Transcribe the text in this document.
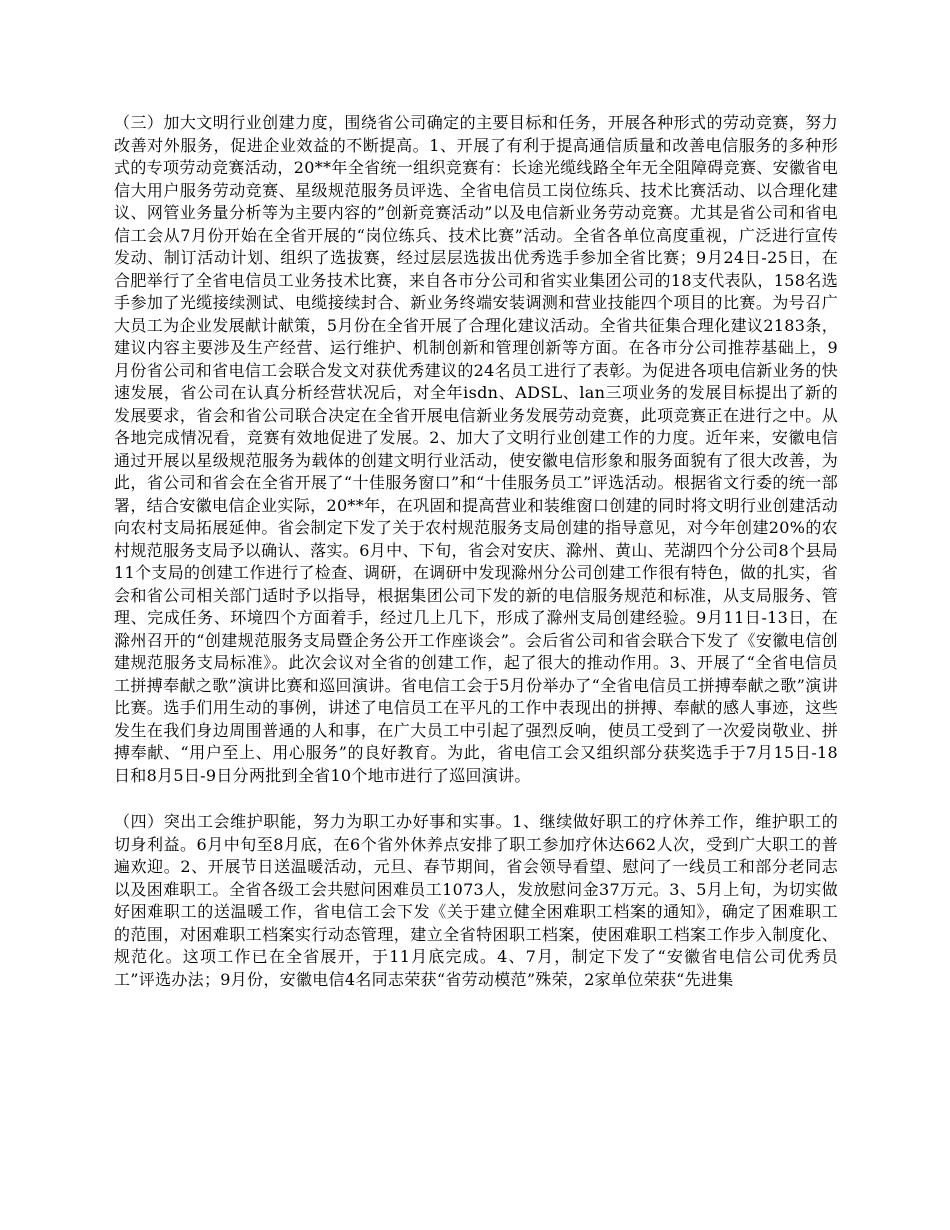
（三）加大文明行业创建力度，围绕省公司确定的主要目标和任务，开展各种形式的劳动竞赛，努力改善对外服务，促进企业效益的不断提高。1、开展了有利于提高通信质量和改善电信服务的多种形式的专项劳动竞赛活动，20**年全省统一组织竞赛有：长途光缆线路全年无全阻障碍竞赛、安徽省电信大用户服务劳动竞赛、星级规范服务员评选、全省电信员工岗位练兵、技术比赛活动、以合理化建议、网管业务量分析等为主要内容的”创新竞赛活动”以及电信新业务劳动竞赛。尤其是省公司和省电信工会从7月份开始在全省开展的“岗位练兵、技术比赛”活动。全省各单位高度重视，广泛进行宣传发动、制订活动计划、组织了选拔赛，经过层层选拔出优秀选手参加全省比赛；9月24日-25日，在合肥举行了全省电信员工业务技术比赛，来自各市分公司和省实业集团公司的18支代表队，158名选手参加了光缆接续测试、电缆接续封合、新业务终端安装调测和营业技能四个项目的比赛。为号召广大员工为企业发展献计献策，5月份在全省开展了合理化建议活动。全省共征集合理化建议2183条，建议内容主要涉及生产经营、运行维护、机制创新和管理创新等方面。在各市分公司推荐基础上，9月份省公司和省电信工会联合发文对获优秀建议的24名员工进行了表彰。为促进各项电信新业务的快速发展，省公司在认真分析经营状况后，对全年isdn、ADSL、lan三项业务的发展目标提出了新的发展要求，省会和省公司联合决定在全省开展电信新业务发展劳动竞赛，此项竞赛正在进行之中。从各地完成情况看，竞赛有效地促进了发展。2、加大了文明行业创建工作的力度。近年来，安徽电信通过开展以星级规范服务为载体的创建文明行业活动，使安徽电信形象和服务面貌有了很大改善，为此，省公司和省会在全省开展了“十佳服务窗口”和“十佳服务员工”评选活动。根据省文行委的统一部署，结合安徽电信企业实际，20**年，在巩固和提高营业和装维窗口创建的同时将文明行业创建活动向农村支局拓展延伸。省会制定下发了关于农村规范服务支局创建的指导意见，对今年创建20%的农村规范服务支局予以确认、落实。6月中、下旬，省会对安庆、滁州、黄山、芜湖四个分公司8个县局11个支局的创建工作进行了检查、调研，在调研中发现滁州分公司创建工作很有特色，做的扎实，省会和省公司相关部门适时予以指导，根据集团公司下发的新的电信服务规范和标准，从支局服务、管理、完成任务、环境四个方面着手，经过几上几下，形成了滁州支局创建经验。9月11日-13日，在滁州召开的“创建规范服务支局暨企务公开工作座谈会”。会后省公司和省会联合下发了《安徽电信创建规范服务支局标准》。此次会议对全省的创建工作，起了很大的推动作用。3、开展了“全省电信员工拼搏奉献之歌”演讲比赛和巡回演讲。省电信工会于5月份举办了“全省电信员工拼搏奉献之歌”演讲比赛。选手们用生动的事例，讲述了电信员工在平凡的工作中表现出的拼搏、奉献的感人事迹，这些发生在我们身边周围普通的人和事，在广大员工中引起了强烈反响，使员工受到了一次爱岗敬业、拼搏奉献、“用户至上、用心服务”的良好教育。为此，省电信工会又组织部分获奖选手于7月15日-18日和8月5日-9日分两批到全省10个地市进行了巡回演讲。

（四）突出工会维护职能，努力为职工办好事和实事。1、继续做好职工的疗休养工作，维护职工的切身利益。6月中旬至8月底，在6个省外休养点安排了职工参加疗休达662人次，受到广大职工的普遍欢迎。2、开展节日送温暖活动，元旦、春节期间，省会领导看望、慰问了一线员工和部分老同志以及困难职工。全省各级工会共慰问困难员工1073人，发放慰问金37万元。3、5月上旬，为切实做好困难职工的送温暖工作，省电信工会下发《关于建立健全困难职工档案的通知》，确定了困难职工的范围，对困难职工档案实行动态管理，建立全省特困职工档案，使困难职工档案工作步入制度化、规范化。这项工作已在全省展开，于11月底完成。4、7月，制定下发了“安徽省电信公司优秀员工”评选办法；9月份，安徽电信4名同志荣获“省劳动模范”殊荣，2家单位荣获“先进集
